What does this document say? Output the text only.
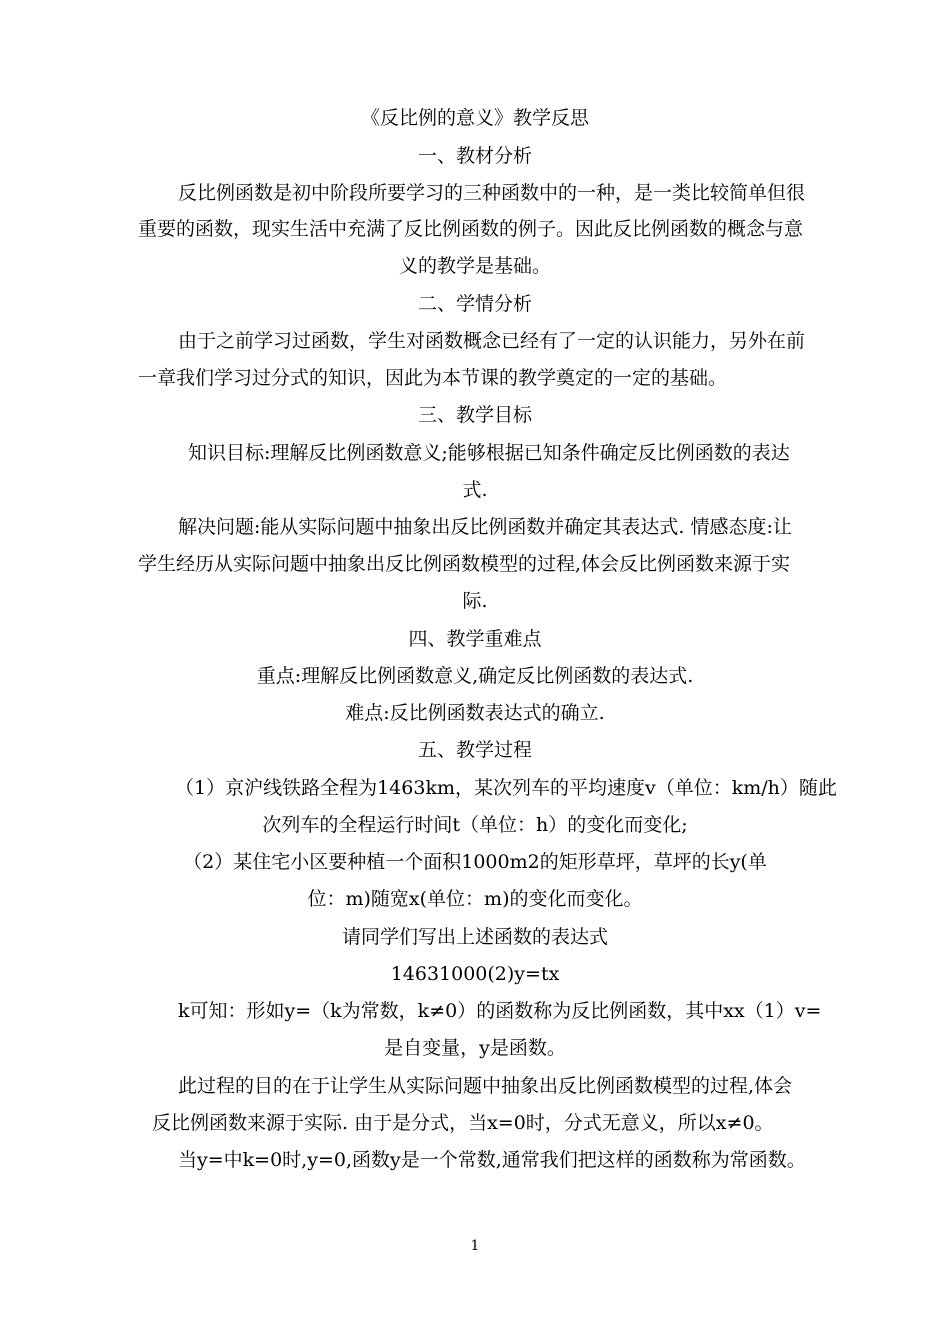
《反比例的意义》教学反思
一、教材分析
反比例函数是初中阶段所要学习的三种函数中的一种，是一类比较简单但很
重要的函数，现实生活中充满了反比例函数的例子。因此反比例函数的概念与意
义的教学是基础。
二、学情分析
由于之前学习过函数，学生对函数概念已经有了一定的认识能力，另外在前
一章我们学习过分式的知识，因此为本节课的教学奠定的一定的基础。
三、教学目标
知识目标:理解反比例函数意义;能够根据已知条件确定反比例函数的表达
式.
解决问题:能从实际问题中抽象出反比例函数并确定其表达式. 情感态度:让
学生经历从实际问题中抽象出反比例函数模型的过程,体会反比例函数来源于实
际.
四、教学重难点
重点:理解反比例函数意义,确定反比例函数的表达式.
难点:反比例函数表达式的确立.
五、教学过程
（1）京沪线铁路全程为1463km，某次列车的平均速度v（单位：km/h）随此
次列车的全程运行时间t（单位：h）的变化而变化;
（2）某住宅小区要种植一个面积1000m2的矩形草坪，草坪的长y(单
位：m)随宽x(单位：m)的变化而变化。
请同学们写出上述函数的表达式
14631000(2)y=tx
k可知：形如y=（k为常数，k≠0）的函数称为反比例函数，其中xx（1）v=
是自变量，y是函数。
此过程的目的在于让学生从实际问题中抽象出反比例函数模型的过程,体会
反比例函数来源于实际. 由于是分式，当x=0时，分式无意义，所以x≠0。
当y=中k=0时,y=0,函数y是一个常数,通常我们把这样的函数称为常函数。
1
